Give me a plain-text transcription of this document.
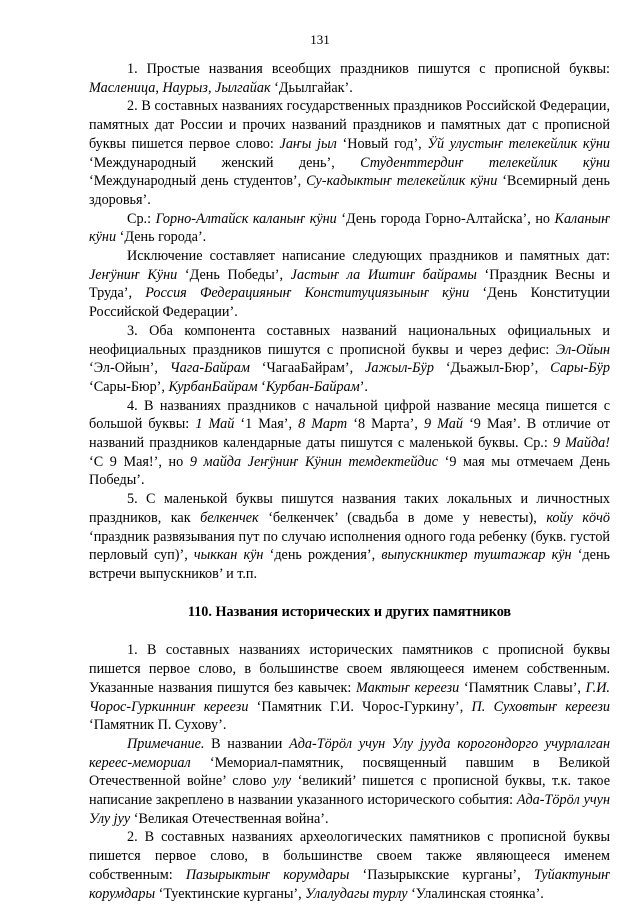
131

1. Простые названия всеобщих праздников пишутся с прописной буквы: Масленица, Наурыз, Јылгайак ‘Дьылгайак’.

2. В составных названиях государственных праздников Российской Федерации, памятных дат России и прочих названий праздников и памятных дат с прописной буквы пишется первое слово: Јаҥы јыл ‘Новый год’, Ӱй улустыҥ телекейлик кӱни ‘Международный женский день’, Студенттердиҥ телекейлик кӱни ‘Международный день студентов’, Су-кадыктыҥ телекейлик кӱни ‘Всемирный день здоровья’.

Ср.: Горно-Алтайск каланыҥ кӱни ‘День города Горно-Алтайска’, но Каланыҥ кӱни ‘День города’.

Исключение составляет написание следующих праздников и памятных дат: Јеҥӱниҥ Кӱни ‘День Победы’, Јастыҥ ла Иштиҥ байрамы ‘Праздник Весны и Труда’, Россия Федерацияныҥ Конституциязыныҥ кӱни ‘День Конституции Российской Федерации’.

3. Оба компонента составных названий национальных официальных и неофициальных праздников пишутся с прописной буквы и через дефис: Эл-Ойын ‘Эл-Ойын’, Чага-Байрам ‘ЧагааБайрам’, Јажыл-Бӱр ‘Дьажыл-Бюр’, Сары-Бӱр ‘Сары-Бюр’, КурбанБайрам ‘Курбан-Байрам’.

4. В названиях праздников с начальной цифрой название месяца пишется с большой буквы: 1 Май ‘1 Мая’, 8 Март ‘8 Марта’, 9 Май ‘9 Мая’. В отличие от названий праздников календарные даты пишутся с маленькой буквы. Ср.: 9 Майда! ‘С 9 Мая!’, но 9 майда Јеҥӱниҥ Кӱнин темдектейдис ‘9 мая мы отмечаем День Победы’.

5. С маленькой буквы пишутся названия таких локальных и личностных праздников, как белкенчек ‘белкенчек’ (свадьба в доме у невесты), койу кӧчӧ ‘праздник развязывания пут по случаю исполнения одного года ребенку (букв. густой перловый суп)’, чыккан кӱн ‘день рождения’, выпускниктер туштажар кӱн ‘день встречи выпускников’ и т.п.

110. Названия исторических и других памятников

1. В составных названиях исторических памятников с прописной буквы пишется первое слово, в большинстве своем являющееся именем собственным. Указанные названия пишутся без кавычек: Мактыҥ кереези ‘Памятник Славы’, Г.И. Чорос-Гуркинниҥ кереези ‘Памятник Г.И. Чорос-Гуркину’, П. Суховтыҥ кереези ‘Памятник П. Сухову’.

Примечание. В названии Ада-Тӧрӧл учун Улу јууда корогондорго учурлалган кереес-мемориал ‘Мемориал-памятник, посвященный павшим в Великой Отечественной войне’ слово улу ‘великий’ пишется с прописной буквы, т.к. такое написание закреплено в названии указанного исторического события: Ада-Тӧрӧл учун Улу јуу ‘Великая Отечественная война’.

2. В составных названиях археологических памятников с прописной буквы пишется первое слово, в большинстве своем также являющееся именем собственным: Пазырыктыҥ корумдары ‘Пазырыкские курганы’, Туйактуныҥ корумдары ‘Туектинские курганы’, Улалудагы турлу ‘Улалинская стоянка’.
